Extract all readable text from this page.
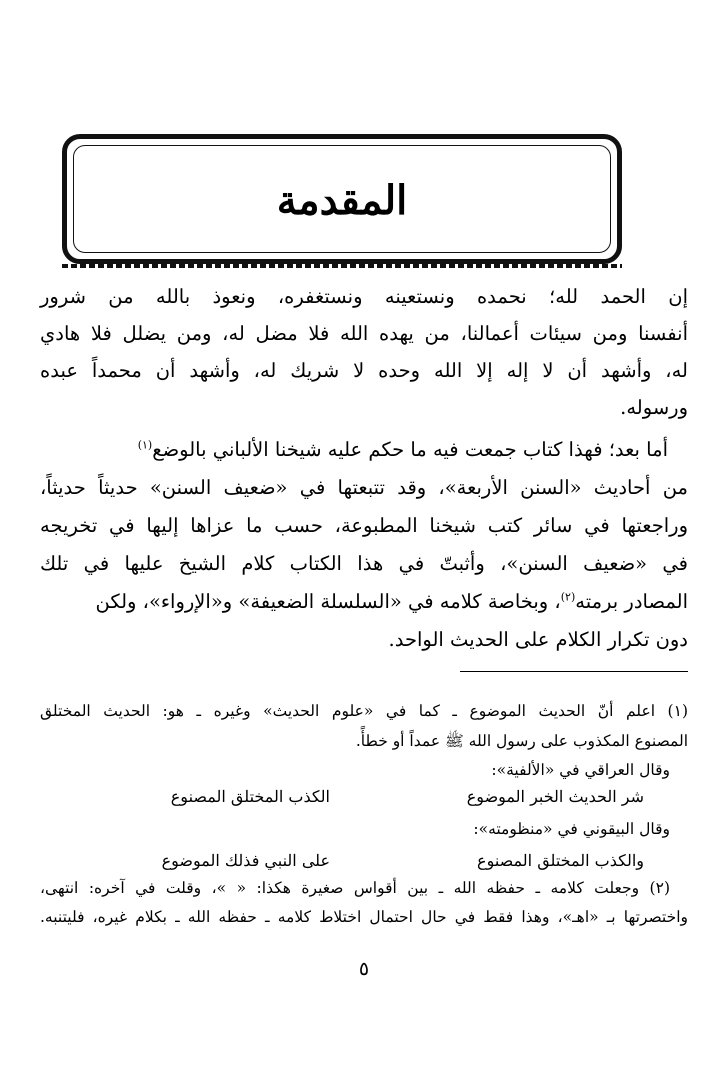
المقدمة
إن الحمد لله؛ نحمده ونستعينه ونستغفره، ونعوذ بالله من شرور
أنفسنا ومن سيئات أعمالنا، من يهده الله فلا مضل له، ومن يضلل فلا هادي
له، وأشهد أن لا إله إلا الله وحده لا شريك له، وأشهد أن محمداً عبده
ورسوله.
أما بعد؛ فهذا كتاب جمعت فيه ما حكم عليه شيخنا الألباني بالوضع$^{(١)}$
من أحاديث «السنن الأربعة»، وقد تتبعتها في «ضعيف السنن» حديثاً حديثاً،
وراجعتها في سائر كتب شيخنا المطبوعة، حسب ما عزاها إليها في تخريجه
في «ضعيف السنن»، وأثبتّ في هذا الكتاب كلام الشيخ عليها في تلك
المصادر برمته$^{(٢)}$، وبخاصة كلامه في «السلسلة الضعيفة» و«الإرواء»، ولكن
دون تكرار الكلام على الحديث الواحد.
(١) اعلم أنّ الحديث الموضوع ـ كما في «علوم الحديث» وغيره ـ هو: الحديث المختلق
المصنوع المكذوب على رسول الله ﷺ عمداً أو خطأً.
وقال العراقي في «الألفية»:
شر الحديث الخبر الموضوع
الكذب المختلق المصنوع
وقال البيقوني في «منظومته»:
والكذب المختلق المصنوع
على النبي فذلك الموضوع
(٢) وجعلت كلامه ـ حفظه الله ـ بين أقواس صغيرة هكذا: « »، وقلت في آخره: انتهى،
واختصرتها بـ «اهـ»، وهذا فقط في حال احتمال اختلاط كلامه ـ حفظه الله ـ بكلام غيره، فليتنبه.
٥
